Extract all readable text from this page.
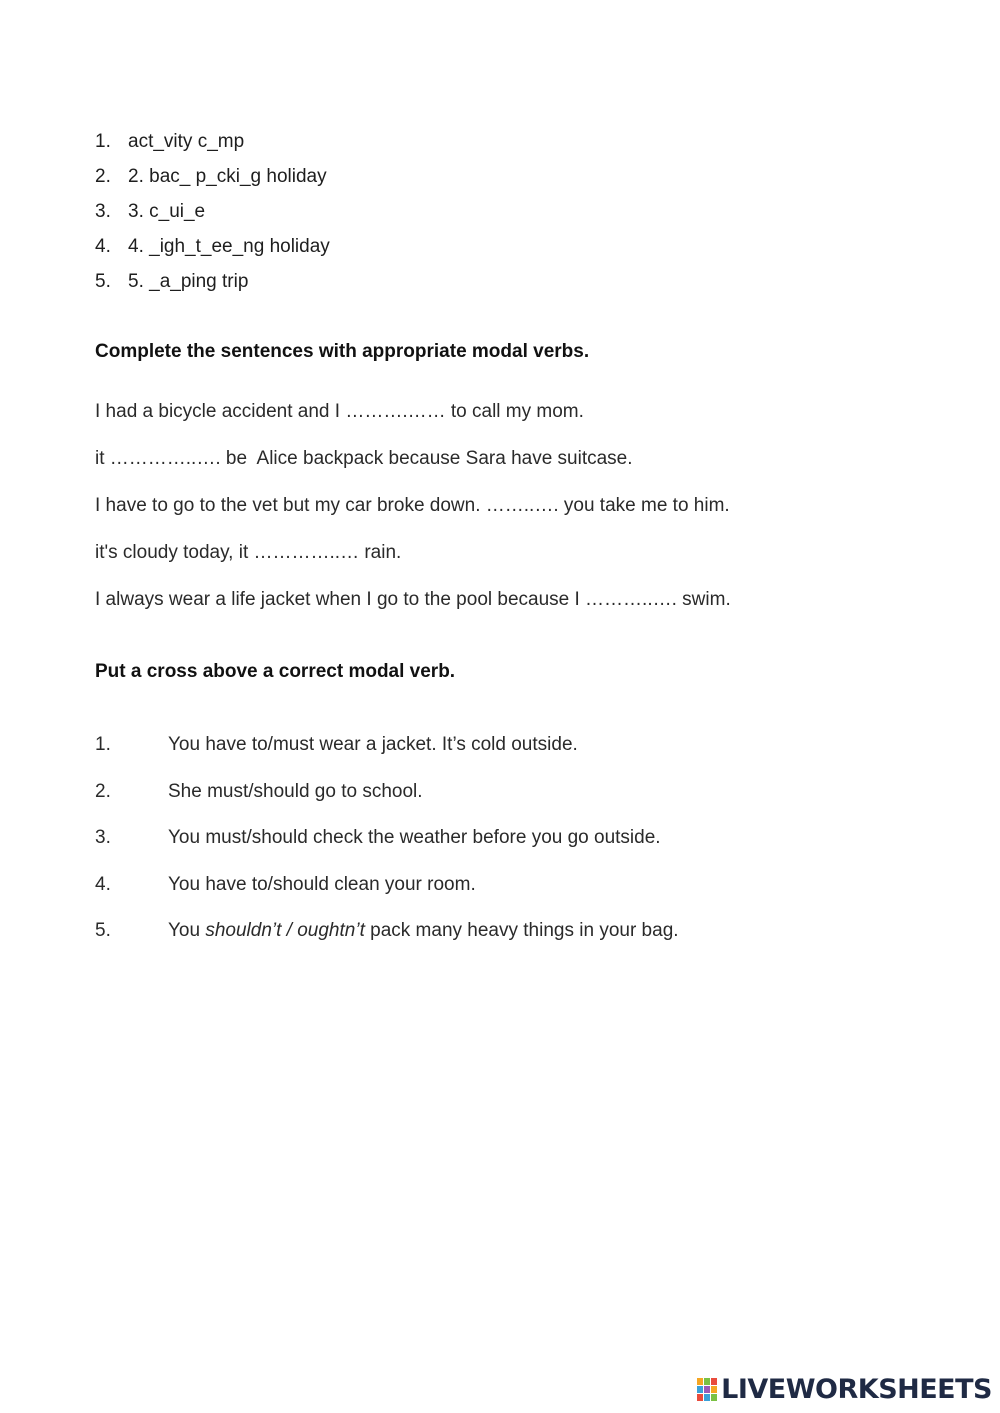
1. act_vity c_mp
2. 2. bac_ p_cki_g holiday
3. 3. c_ui_e
4. 4. _igh_t_ee_ng holiday
5. 5. _a_ping trip
Complete the sentences with appropriate modal verbs.
I had a bicycle accident and I ……….…… to call my mom.
it …………..…. be  Alice backpack because Sara have suitcase.
I have to go to the vet but my car broke down. ……..…. you take me to him.
it's cloudy today, it …………..… rain.
I always wear a life jacket when I go to the pool because I ………..…. swim.
Put a cross above a correct modal verb.
1.	You have to/must wear a jacket. It’s cold outside.
2.	She must/should go to school.
3.	You must/should check the weather before you go outside.
4.	You have to/should clean your room.
5.	You shouldn’t / oughtn’t pack many heavy things in your bag.
LIVEWORKSHEETS
